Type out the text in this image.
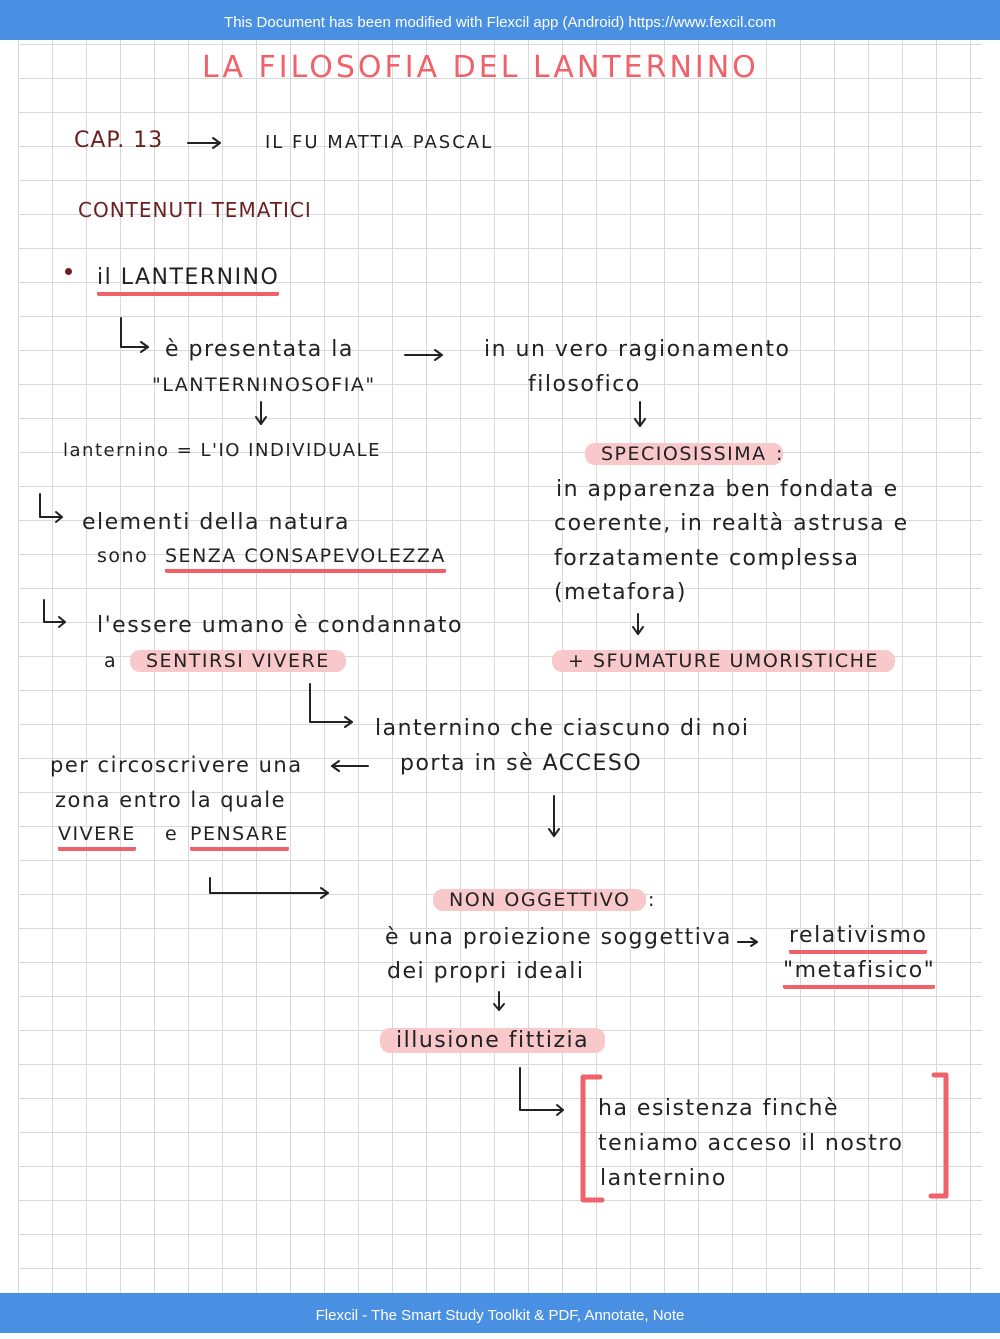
This Document has been modified with Flexcil app (Android) https://www.fexcil.com
LA FILOSOFIA DEL LANTERNINO
CAP. 13	IL FU MATTIA PASCAL
CONTENUTI TEMATICI
il LANTERNINO
è presentata la
"LANTERNINOSOFIA"
lanternino = L'IO INDIVIDUALE
elementi della natura
sono SENZA CONSAPEVOLEZZA
l'essere umano è condannato
a	SENTIRSI VIVERE
in un vero ragionamento
filosofico
SPECIOSISSIMA :
in apparenza ben fondata e
coerente, in realtà astrusa e
forzatamente complessa
(metafora)
+ SFUMATURE UMORISTICHE
lanternino che ciascuno di noi
porta in sè ACCESO
per circoscrivere una
zona entro la quale
VIVERE e PENSARE
NON OGGETTIVO :
è una proiezione soggettiva
dei propri ideali
relativismo
"metafisico"
illusione fittizia
ha esistenza finchè
teniamo acceso il nostro
lanternino
Flexcil - The Smart Study Toolkit & PDF, Annotate, Note
